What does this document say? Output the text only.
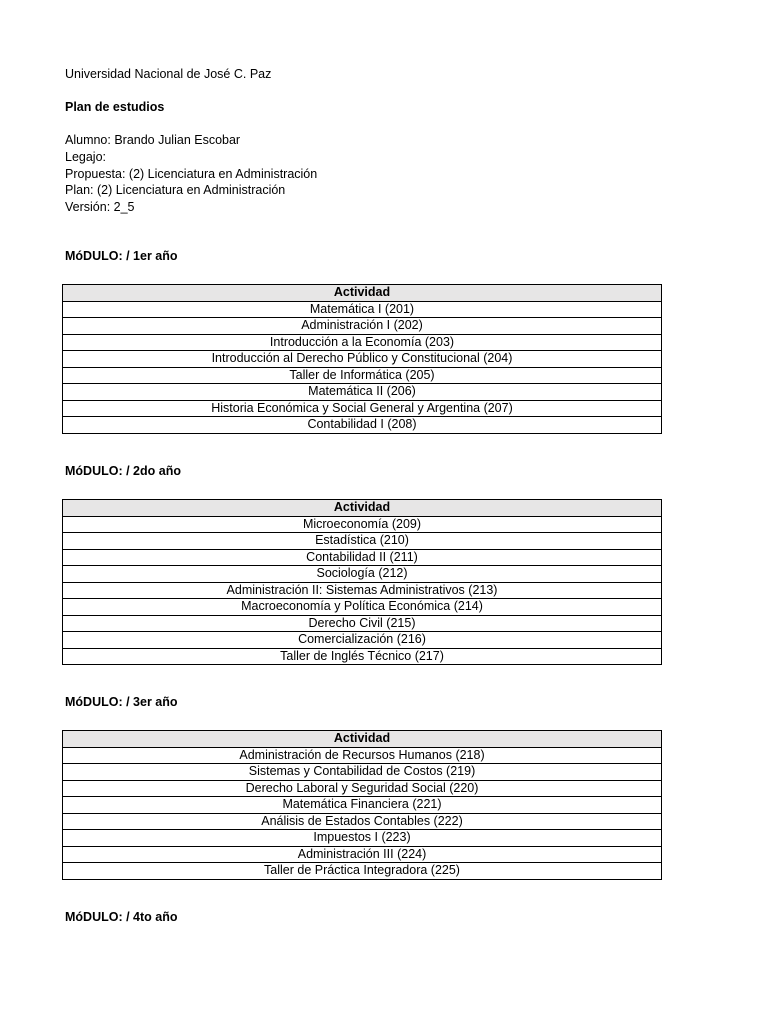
Universidad Nacional de José C. Paz
Plan de estudios
Alumno: Brando Julian Escobar
Legajo:
Propuesta: (2) Licenciatura en Administración
Plan: (2) Licenciatura en Administración
Versión: 2_5
MóDULO: / 1er año
Actividad
Matemática I (201)
Administración I (202)
Introducción a la Economía (203)
Introducción al Derecho Público y Constitucional (204)
Taller de Informática (205)
Matemática II (206)
Historia Económica y Social General y Argentina (207)
Contabilidad I (208)
MóDULO: / 2do año
Actividad
Microeconomía (209)
Estadística (210)
Contabilidad II (211)
Sociología (212)
Administración II: Sistemas Administrativos (213)
Macroeconomía y Política Económica (214)
Derecho Civil (215)
Comercialización (216)
Taller de Inglés Técnico (217)
MóDULO: / 3er año
Actividad
Administración de Recursos Humanos (218)
Sistemas y Contabilidad de Costos (219)
Derecho Laboral y Seguridad Social (220)
Matemática Financiera (221)
Análisis de Estados Contables (222)
Impuestos I (223)
Administración III (224)
Taller de Práctica Integradora (225)
MóDULO: / 4to año
